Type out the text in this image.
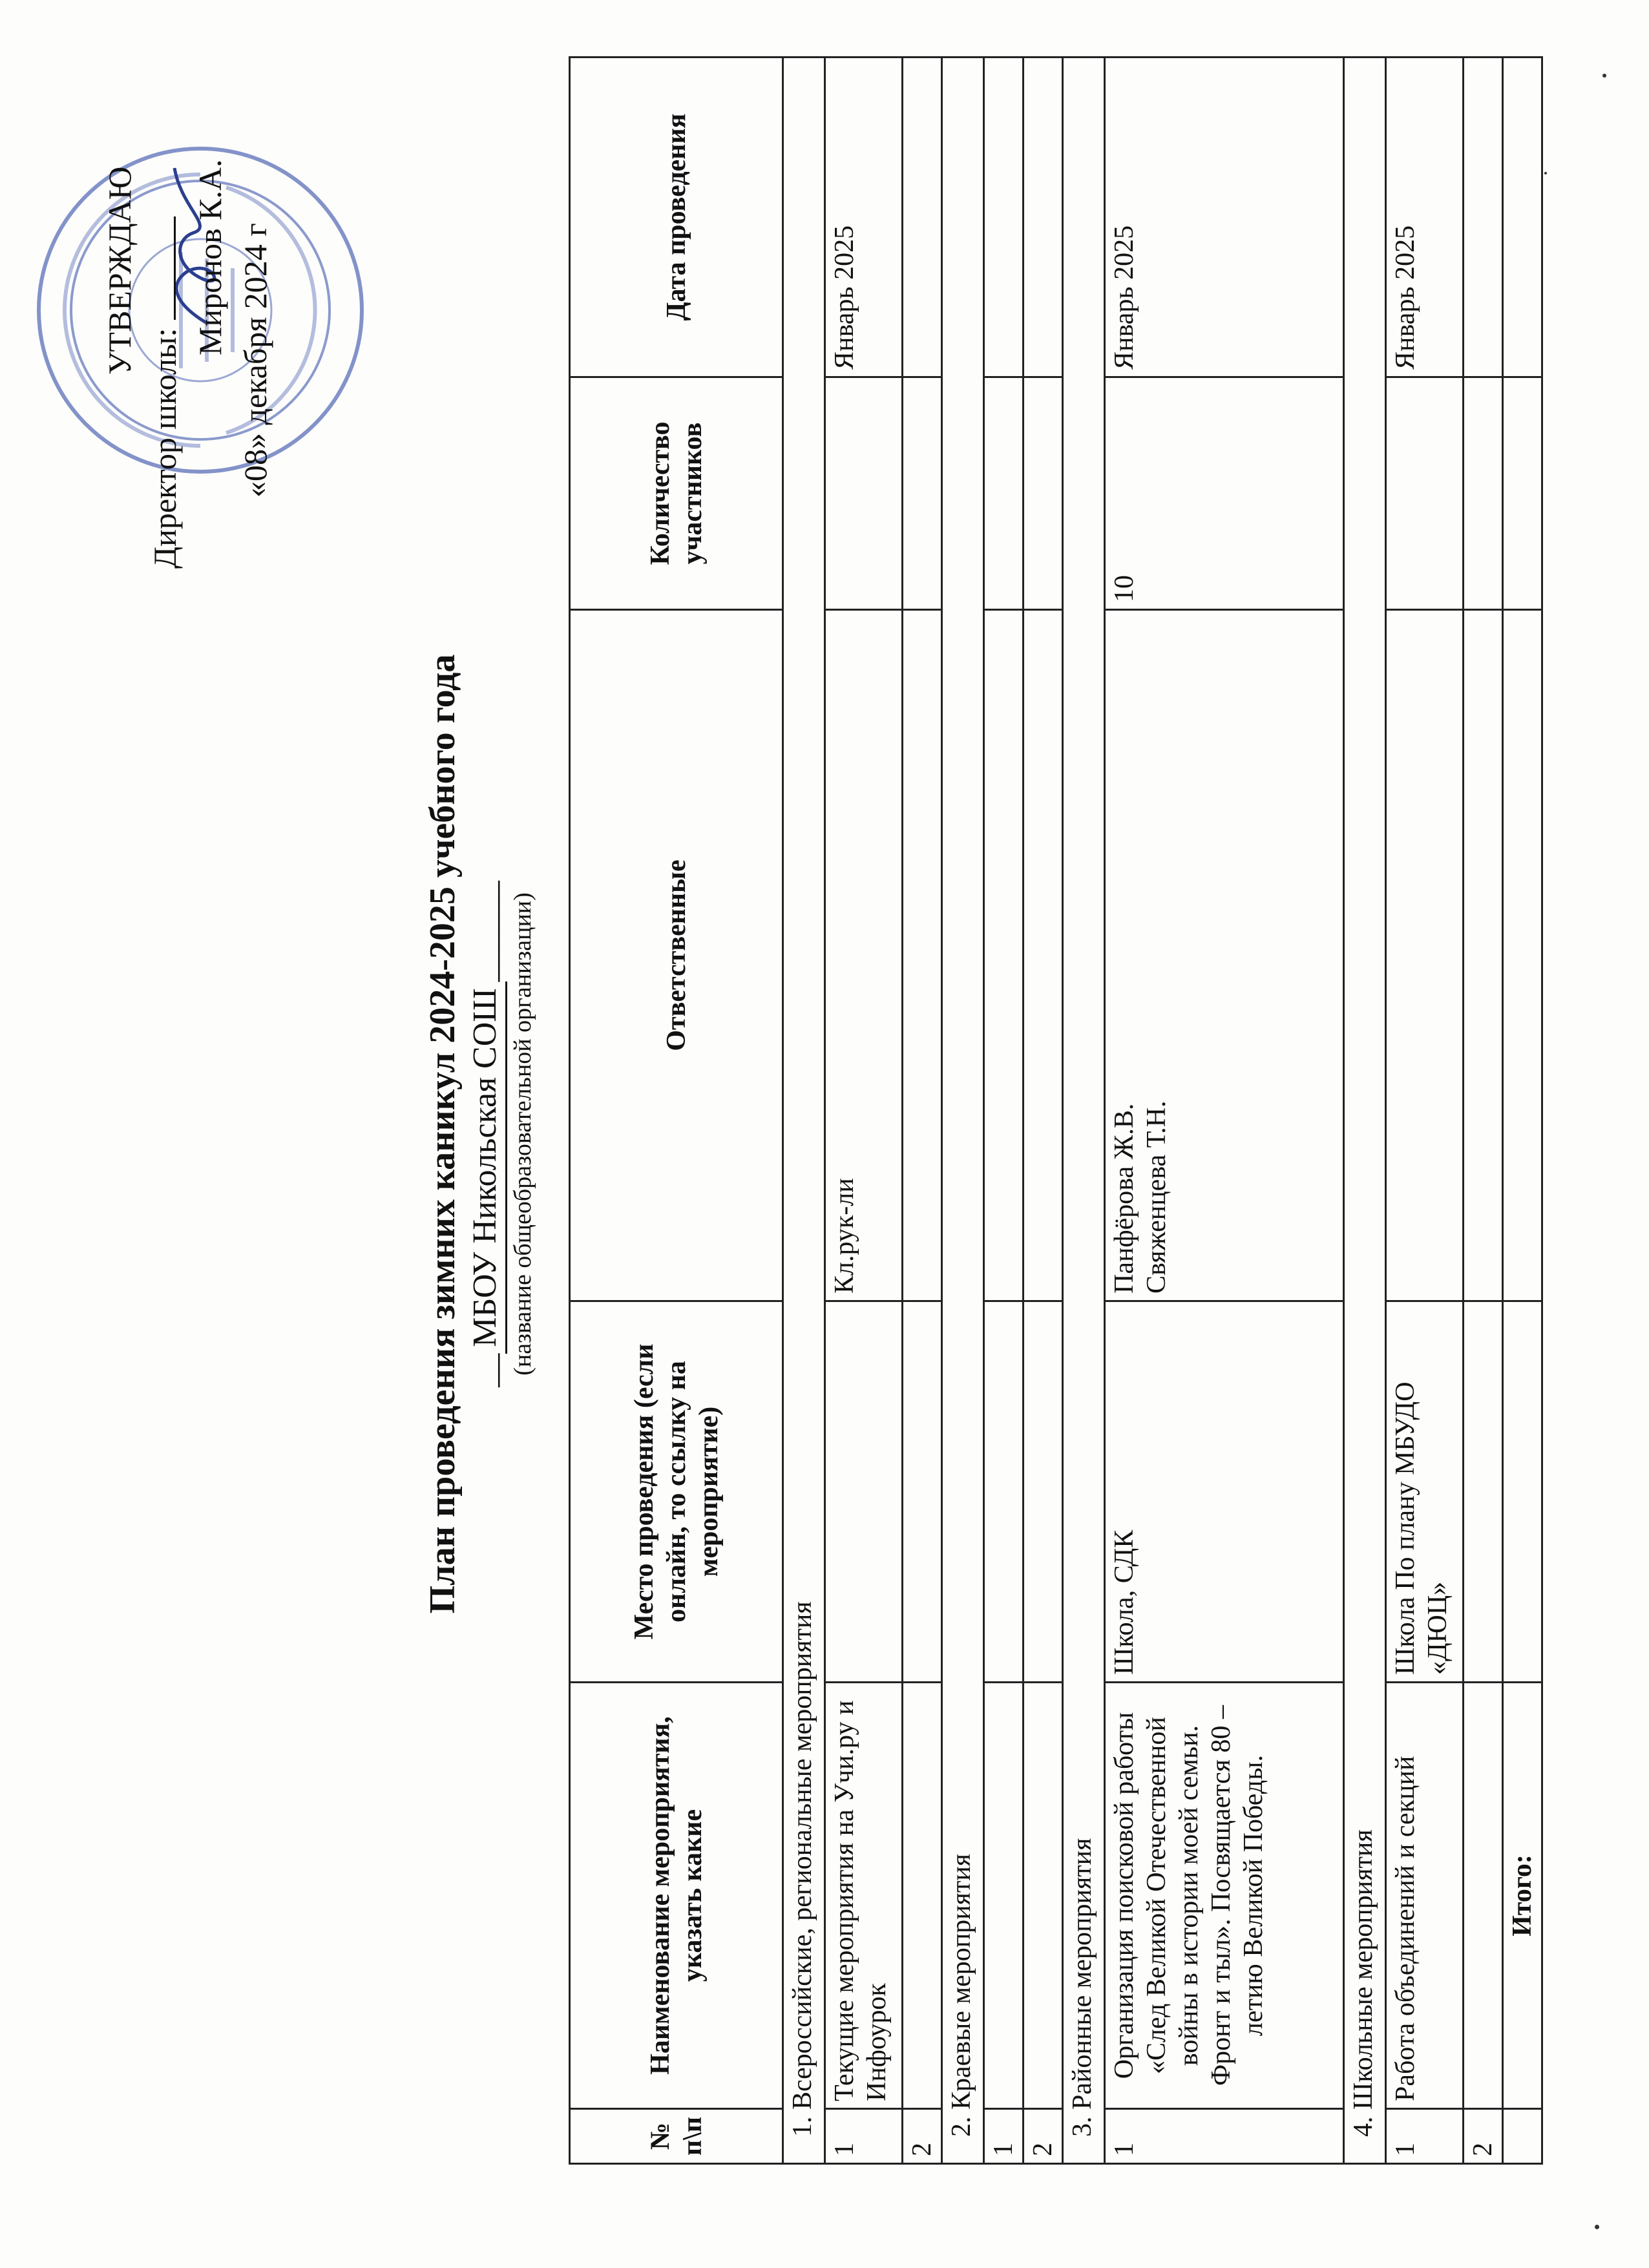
УТВЕРЖДАЮ
Директор школы:
Миронов К.А.
«08» декабря 2024 г
План проведения зимних каникул 2024-2025 учебного года __МБОУ Никольская СОШ______ (название общеобразовательной организации)
№п\п	Наименование мероприятия, указать какие	Место проведения (если онлайн, то ссылку на мероприятие)	Ответственные	Количество участников	Дата проведения
1. Всероссийские, региональные мероприятия					
1	Текущие мероприятия на Учи.ру и Инфоурок		Кл.рук-ли		Январь 2025
2					
2. Краевые мероприятия					
1					
2					
3. Районные мероприятия					
1	Организация поисковой работы «След Великой Отечественной войны в истории моей семьи. Фронт и тыл». Посвящается 80 – летию Великой Победы.	Школа, СДК	Панфёрова Ж.В. Свяженцева Т.Н.	10	Январь 2025
4. Школьные мероприятия					
1	Работа объединений и секций	Школа По плану МБУДО «ДЮЦ»			Январь 2025
2					
	Итого:				
